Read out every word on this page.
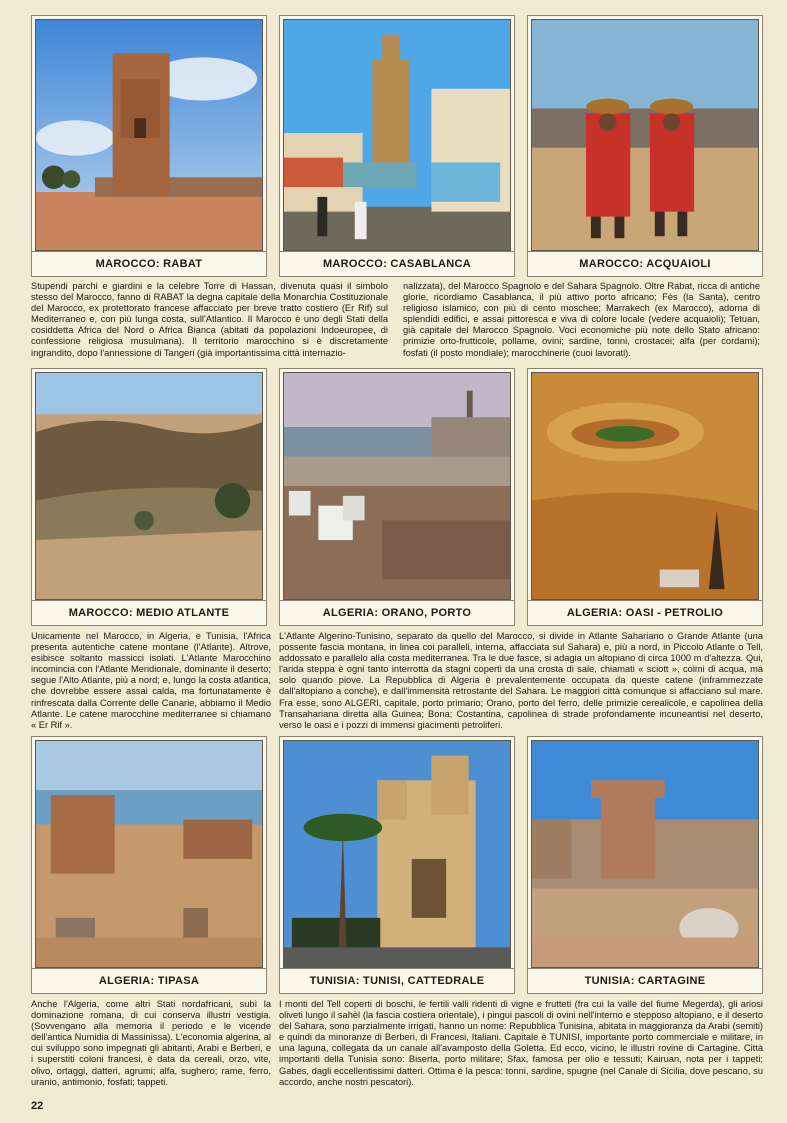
MAROCCO: RABAT	MAROCCO: CASABLANCA	MAROCCO: ACQUAIOLI

Stupendi parchi e giardini e la celebre Torre di Hassan, divenuta quasi il simbolo stesso del Marocco, fanno di RABAT la degna capitale della Monarchia Costituzionale del Marocco, ex protettorato francese affacciato per breve tratto costiero (Er Rif) sul Mediterraneo e, con più lunga costa, sull'Atlantico. Il Marocco è uno degli Stati della cosiddetta Africa del Nord o Africa Bianca (abitati da popolazioni Indoeuropee, di confessione religiosa musulmana). Il territorio marocchino si è discretamente ingrandito, dopo l'annessione di Tangeri (già importantissima città internazio-

nalizzata), del Marocco Spagnolo e del Sahara Spagnolo. Oltre Rabat, ricca di antiche glorie, ricordiamo Casablanca, il più attivo porto africano; Fès (la Santa), centro religioso islamico, con più di cento moschee; Marrakech (ex Marocco), adorna di splendidi edifici, e assai pittoresca e viva di colore locale (vedere acquaioli); Tetuan, già capitale del Marocco Spagnolo. Voci economiche più note dello Stato africano: primizie orto-frutticole, pollame, ovini; sardine, tonni, crostacei; alfa (per cordami); fosfati (il posto mondiale); marocchinerie (cuoi lavorati).

MAROCCO: MEDIO ATLANTE	ALGERIA: ORANO, PORTO	ALGERIA: OASI - PETROLIO

Unicamente nel Marocco, in Algeria, e Tunisia, l'Africa presenta autentiche catene montane (l'Atlante). Altrove, esibisce soltanto massicci isolati. L'Atlante Marocchino incomincia con l'Atlante Meridionale, dominante il deserto; segue l'Alto Atlante, più a nord; e, lungo la costa atlantica, che dovrebbe essere assai calda, ma fortunatamente è rinfrescata dalla Corrente delle Canarie, abbiamo il Medio Atlante. Le catene marocchine mediterranee si chiamano « Er Rif ».

L'Atlante Algerino-Tunisino, separato da quello del Marocco, si divide in Atlante Sahariano o Grande Atlante (una possente fascia montana, in linea coi paralleli, interna, affacciata sul Sahara) e, più a nord, in Piccolo Atlante o Tell, addossato e parallelo alla costa mediterranea. Tra le due fasce, si adagia un altopiano di circa 1000 m d'altezza. Qui, l'arida steppa è ogni tanto interrotta da stagni coperti da una crosta di sale, chiamati « sciott », colmi di acqua, ma solo quando piove. La Repubblica di Algeria è prevalentemente occupata da queste catene (inframmezzate dall'altopiano a conche), e dall'immensità retrostante del Sahara. Le maggiori città comunque si affacciano sul mare. Fra esse, sono ALGERI, capitale, porto primario; Orano, porto del ferro, delle primizie cerealicole, e capolinea della Transahariana diretta alla Guinea; Bona; Costantina, capolinea di strade profondamente incuneantisi nel deserto, verso le oasi e i pozzi di immensi giacimenti petroliferi.

ALGERIA: TIPASA	TUNISIA: TUNISI, CATTEDRALE	TUNISIA: CARTAGINE

Anche l'Algeria, come altri Stati nordafricani, subì la dominazione romana, di cui conserva illustri vestigia. (Sovvengano alla memoria il periodo e le vicende dell'antica Numidia di Massinissa). L'economia algerina, al cui sviluppo sono impegnati gli abitanti, Arabi e Berberi, e i superstiti coloni francesi, è data da cereali, orzo, vite, olivo, ortaggi, datteri, agrumi; alfa, sughero; rame, ferro, uranio, antimonio, fosfati; tappeti.

I monti del Tell coperti di boschi, le fertili valli ridenti di vigne e frutteti (fra cui la valle del fiume Megerda), gli ariosi oliveti lungo il sahèl (la fascia costiera orientale), i pingui pascoli di ovini nell'interno e stepposo altopiano, e il deserto del Sahara, sono parzialmente irrigati, hanno un nome: Repubblica Tunisina, abitata in maggioranza da Arabi (semiti) e quindi da minoranze di Berberi, di Francesi, Italiani. Capitale è TUNISI, importante porto commerciale e militare, in una laguna, collegata da un canale all'avamposto della Goletta. Ed ecco, vicino, le illustri rovine di Cartagine. Città importanti della Tunisia sono: Biserta, porto militare; Sfax, famosa per olio e tessuti; Kairuan, nota per i tappeti; Gabes, dagli eccellentissimi datteri. Ottima è la pesca: tonni, sardine, spugne (nel Canale di Sicilia, dove pescano, su accordo, anche nostri pescatori).

22
